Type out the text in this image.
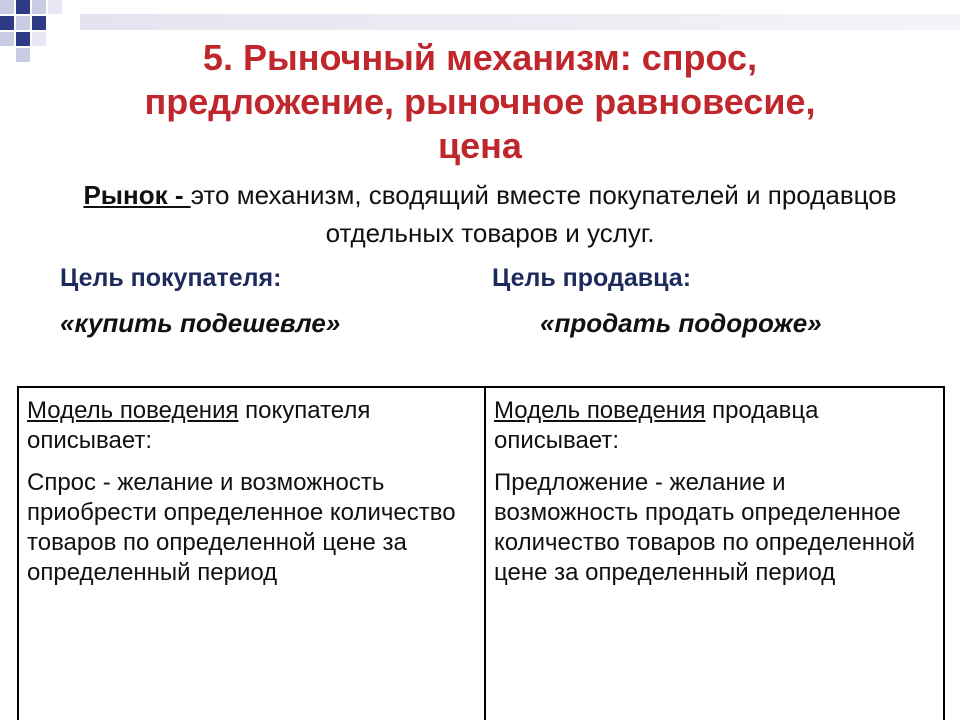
5. Рыночный механизм: спрос,
предложение, рыночное равновесие,
цена
Рынок - это механизм, сводящий вместе покупателей и продавцов отдельных товаров и услуг.
Цель покупателя:	Цель продавца:
«купить подешевле»	«продать подороже»

Модель поведения покупателя описывает:

Спрос - желание и возможность приобрести определенное количество товаров по определенной цене за определенный период

Модель поведения продавца описывает:

Предложение - желание и возможность продать определенное количество товаров по определенной цене за определенный период
